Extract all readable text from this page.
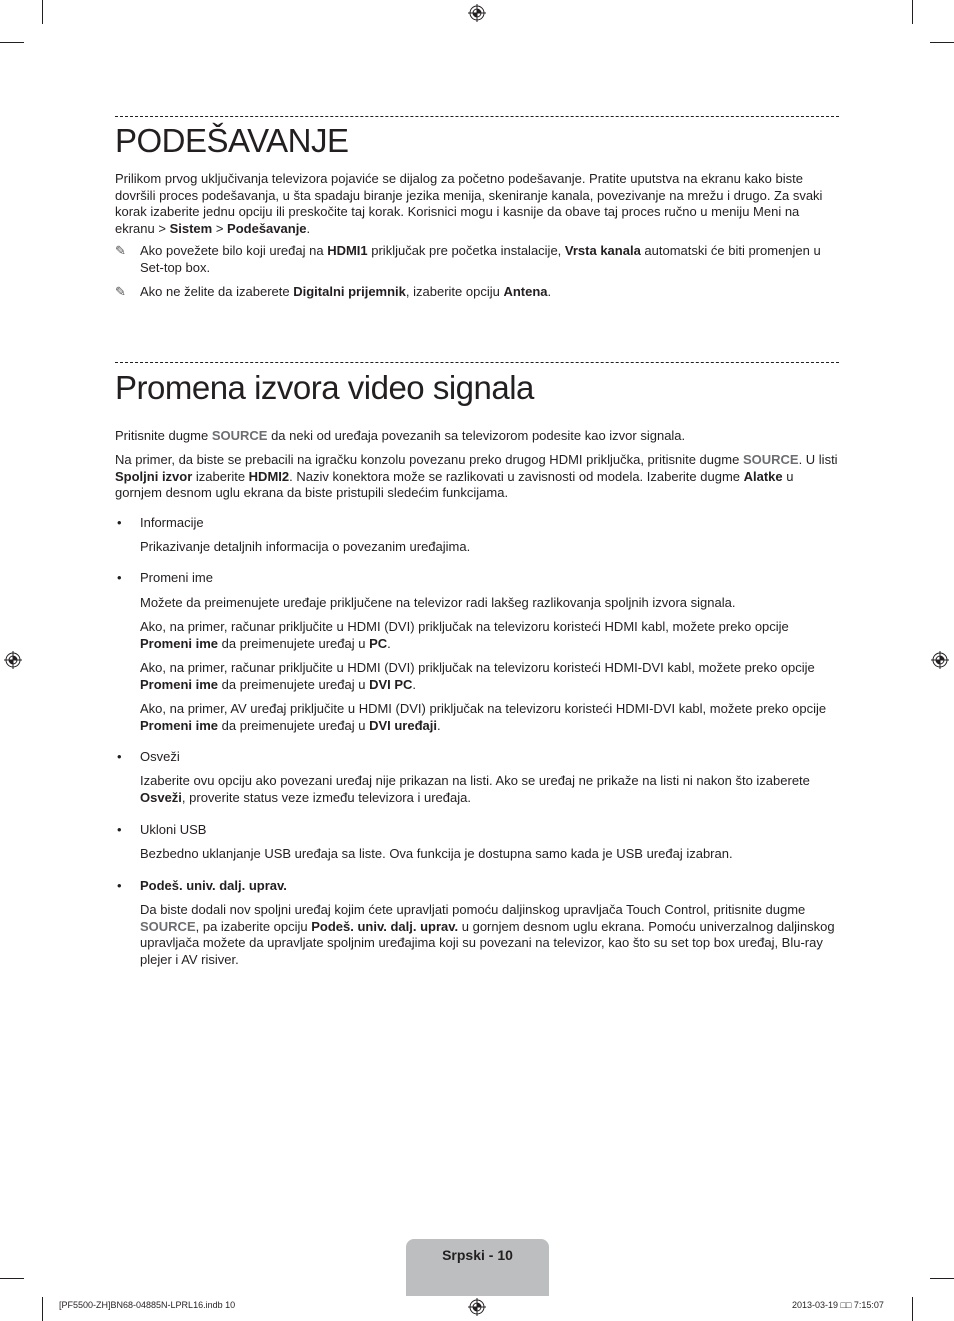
PODEŠAVANJE

Prilikom prvog uključivanja televizora pojaviće se dijalog za početno podešavanje. Pratite uputstva na ekranu kako biste dovršili proces podešavanja, u šta spadaju biranje jezika menija, skeniranje kanala, povezivanje na mrežu i drugo. Za svaki korak izaberite jednu opciju ili preskočite taj korak. Korisnici mogu i kasnije da obave taj proces ručno u meniju Meni na ekranu > Sistem > Podešavanje.

✎	Ako povežete bilo koji uređaj na HDMI1 priključak pre početka instalacije, Vrsta kanala automatski će biti promenjen u Set-top box.
✎	Ako ne želite da izaberete Digitalni prijemnik, izaberite opciju Antena.
Promena izvora video signala

Pritisnite dugme SOURCE da neki od uređaja povezanih sa televizorom podesite kao izvor signala.

Na primer, da biste se prebacili na igračku konzolu povezanu preko drugog HDMI priključka, pritisnite dugme SOURCE. U listi Spoljni izvor izaberite HDMI2. Naziv konektora može se razlikovati u zavisnosti od modela. Izaberite dugme Alatke u gornjem desnom uglu ekrana da biste pristupili sledećim funkcijama.

• Informacije

Prikazivanje detaljnih informacija o povezanim uređajima.

• Promeni ime

Možete da preimenujete uređaje priključene na televizor radi lakšeg razlikovanja spoljnih izvora signala.

Ako, na primer, računar priključite u HDMI (DVI) priključak na televizoru koristeći HDMI kabl, možete preko opcije Promeni ime da preimenujete uređaj u PC.

Ako, na primer, računar priključite u HDMI (DVI) priključak na televizoru koristeći HDMI-DVI kabl, možete preko opcije Promeni ime da preimenujete uređaj u DVI PC.

Ako, na primer, AV uređaj priključite u HDMI (DVI) priključak na televizoru koristeći HDMI-DVI kabl, možete preko opcije Promeni ime da preimenujete uređaj u DVI uređaji.

• Osveži

Izaberite ovu opciju ako povezani uređaj nije prikazan na listi. Ako se uređaj ne prikaže na listi ni nakon što izaberete Osveži, proverite status veze između televizora i uređaja.

• Ukloni USB

Bezbedno uklanjanje USB uređaja sa liste. Ova funkcija je dostupna samo kada je USB uređaj izabran.

• Podeš. univ. dalj. uprav.

Da biste dodali nov spoljni uređaj kojim ćete upravljati pomoću daljinskog upravljača Touch Control, pritisnite dugme SOURCE, pa izaberite opciju Podeš. univ. dalj. uprav. u gornjem desnom uglu ekrana. Pomoću univerzalnog daljinskog upravljača možete da upravljate spoljnim uređajima koji su povezani na televizor, kao što su set top box uređaj, Blu-ray plejer i AV risiver.

Srpski - 10
[PF5500-ZH]BN68-04885N-LPRL16.indb 10	2013-03-19 □□ 7:15:07
